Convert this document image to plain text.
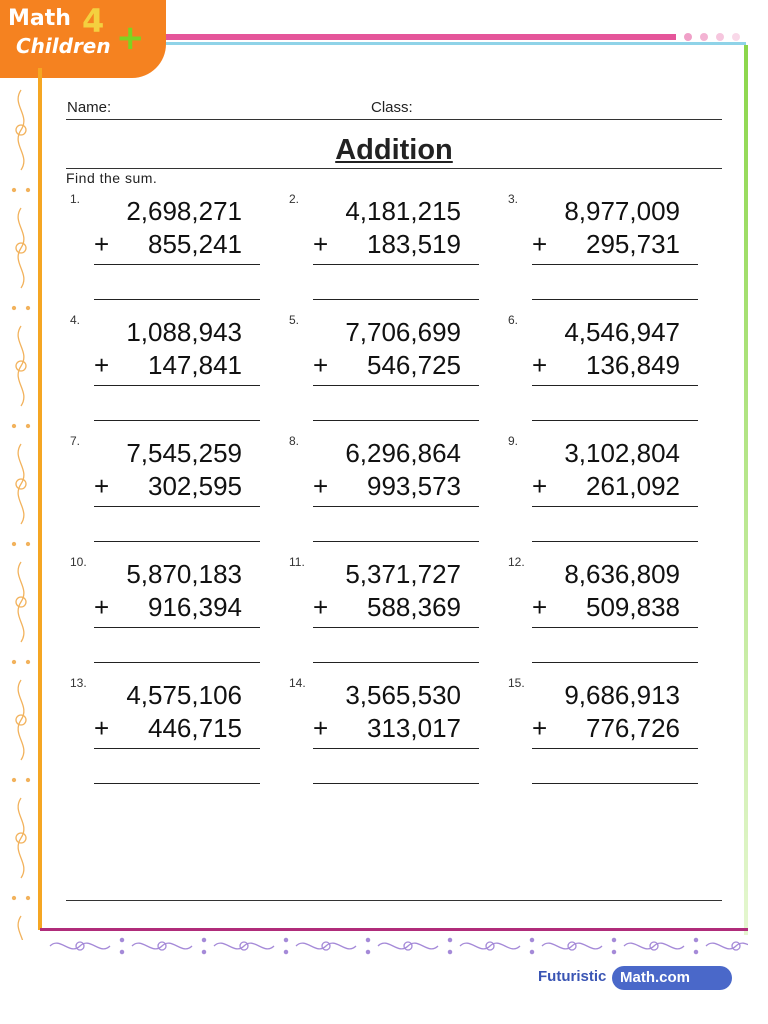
Math 4 +
Children
Name:	Class:
Addition
Find the sum.
1. 2,698,271
+ 855,241
2. 4,181,215
+ 183,519
3. 8,977,009
+ 295,731
4. 1,088,943
+ 147,841
5. 7,706,699
+ 546,725
6. 4,546,947
+ 136,849
7. 7,545,259
+ 302,595
8. 6,296,864
+ 993,573
9. 3,102,804
+ 261,092
10. 5,870,183
+ 916,394
11. 5,371,727
+ 588,369
12. 8,636,809
+ 509,838
13. 4,575,106
+ 446,715
14. 3,565,530
+ 313,017
15. 9,686,913
+ 776,726
Futuristic Math.com
